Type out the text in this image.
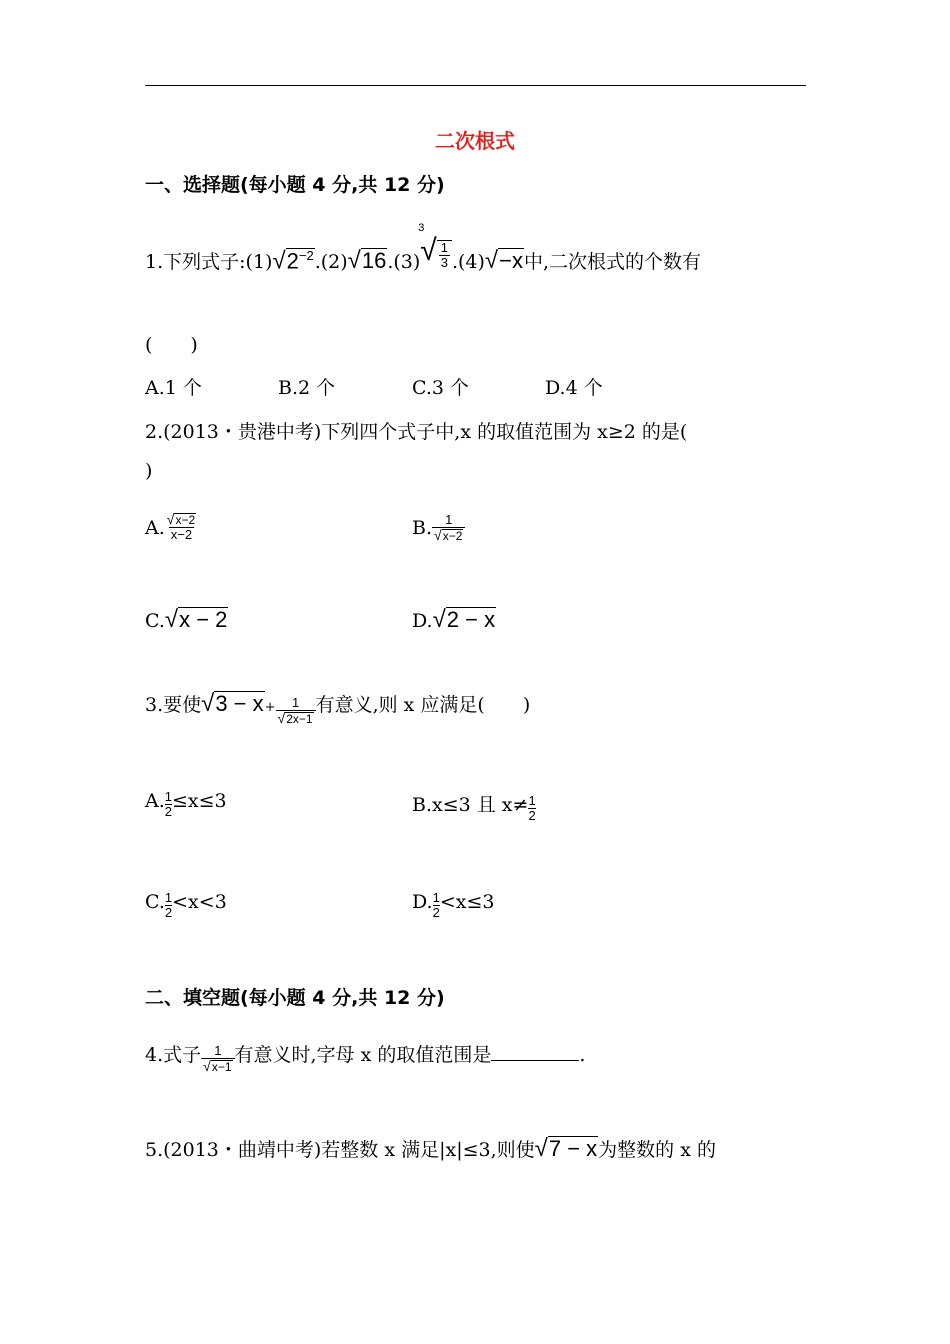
二次根式
一、选择题(每小题 4 分,共 12 分)
1.下列式子$:(1)√2^{-2}.(2)√16.(3)$
3
√ $\frac{1}{3} .(4)√-x$中,二次根式的个数有
(　　)
A.1 个	B.2 个	C.3 个	D.4 个
2.(2013・贵港中考)下列四个式子中,x 的取值范围为 x≥2 的是(
)
A. $\frac{√x-2}{x-2}$	B. $\frac{1}{√x-2}$
C.√x − 2	D.√2 − x
3.要使$√3 - x+ \frac{1}{√2x-1}$ 有意义,则 x 应满足(　　)
A. $\frac{1}{2} \le x\le 3$	B.x≤3 且 $x\ne \frac{1}{2}$
C. $\frac{1}{2} <x<3$	D. $\frac{1}{2} <x\le 3$
二、填空题(每小题 4 分,共 12 分)
4.式子 $\frac{1}{√x-1}$ 有意义时,字母 x 的取值范围是	.
5.(2013・曲靖中考)若整数 x 满足|x|≤3,则使√7 − x为整数的 x 的
